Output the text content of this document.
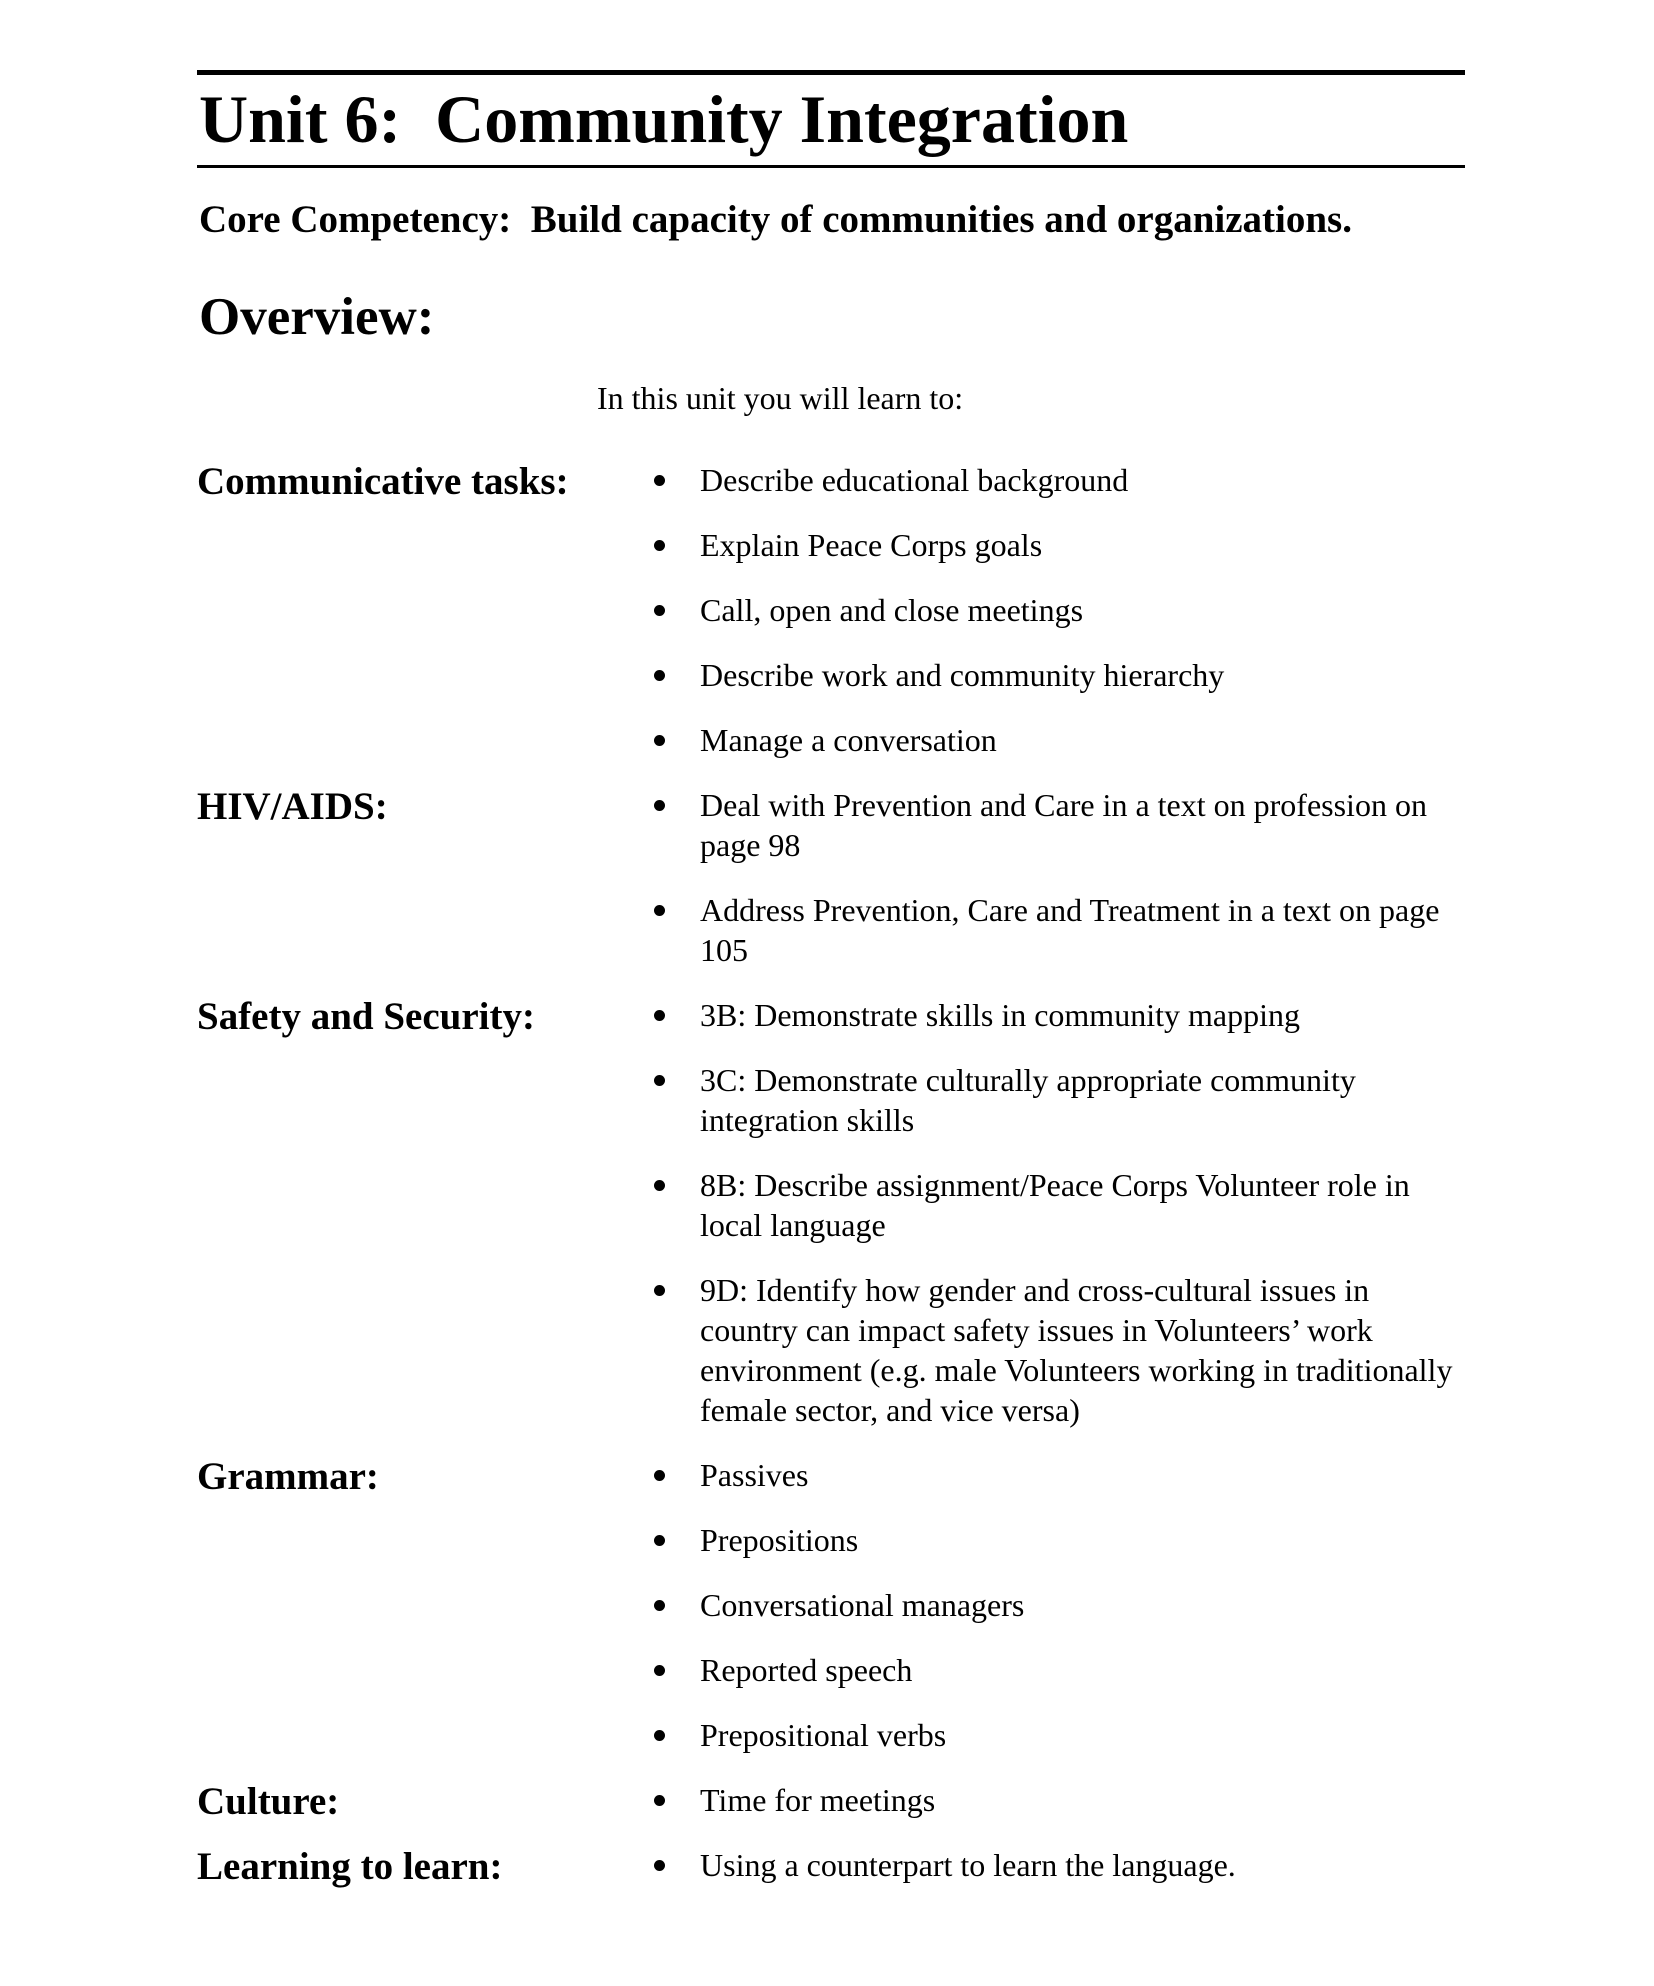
Unit 6:  Community Integration

Core Competency:  Build capacity of communities and organizations.

Overview:

In this unit you will learn to:

Communicative tasks:	Describe educational background
Explain Peace Corps goals
Call, open and close meetings
Describe work and community hierarchy
Manage a conversation
HIV/AIDS:	Deal with Prevention and Care in a text on profession on page 98
Address Prevention, Care and Treatment in a text on page 105
Safety and Security:	3B: Demonstrate skills in community mapping
3C: Demonstrate culturally appropriate community integration skills
8B: Describe assignment/Peace Corps Volunteer role in local language
9D: Identify how gender and cross-cultural issues in country can impact safety issues in Volunteers’ work environment (e.g. male Volunteers working in traditionally female sector, and vice versa)
Grammar:	Passives
Prepositions
Conversational managers
Reported speech
Prepositional verbs
Culture:	Time for meetings
Learning to learn:	Using a counterpart to learn the language.
